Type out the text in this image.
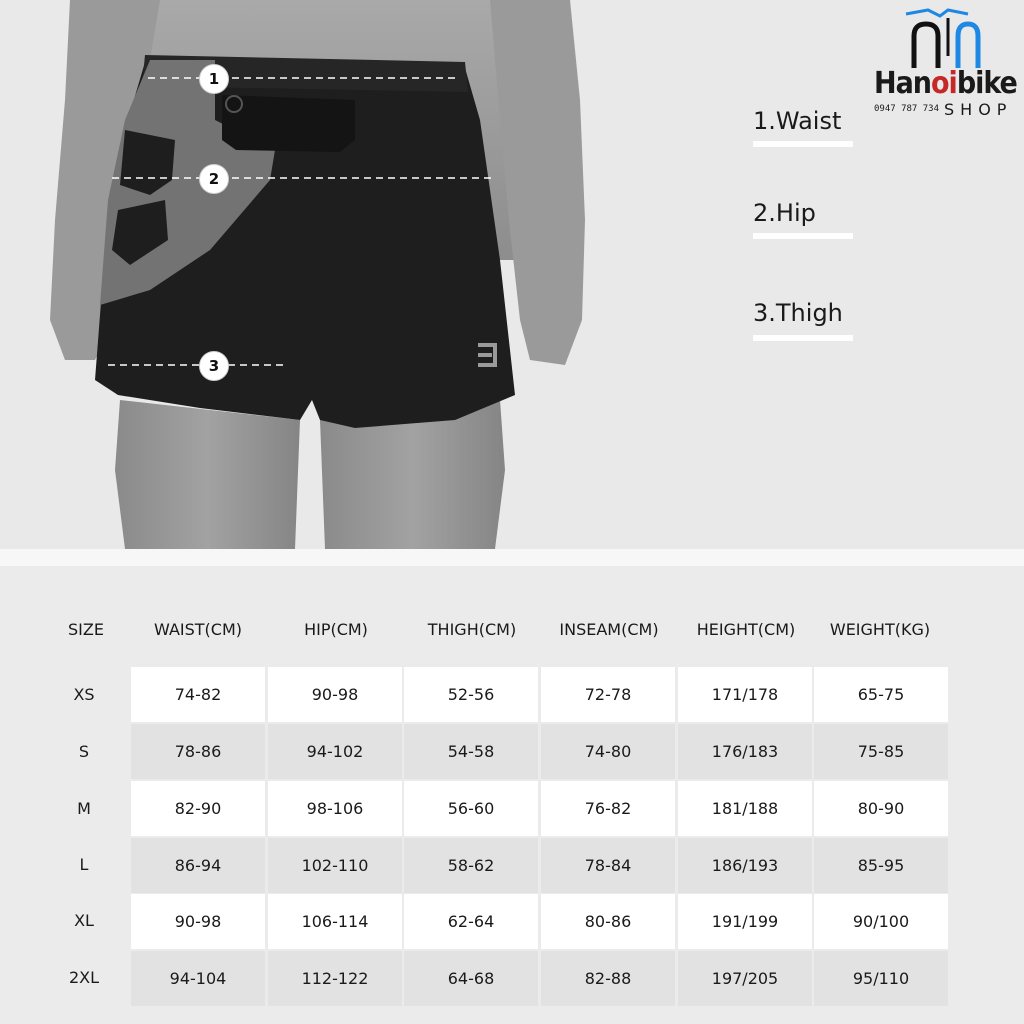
1
2
3
1.Waist
2.Hip
3.Thigh
Hanoibike
0947 787 734 SHOP
SIZE	WAIST(CM)	HIP(CM)	THIGH(CM)	INSEAM(CM)	HEIGHT(CM)	WEIGHT(KG)
XS	74-82	90-98	52-56	72-78	171/178	65-75
S	78-86	94-102	54-58	74-80	176/183	75-85
M	82-90	98-106	56-60	76-82	181/188	80-90
L	86-94	102-110	58-62	78-84	186/193	85-95
XL	90-98	106-114	62-64	80-86	191/199	90/100
2XL	94-104	112-122	64-68	82-88	197/205	95/110
